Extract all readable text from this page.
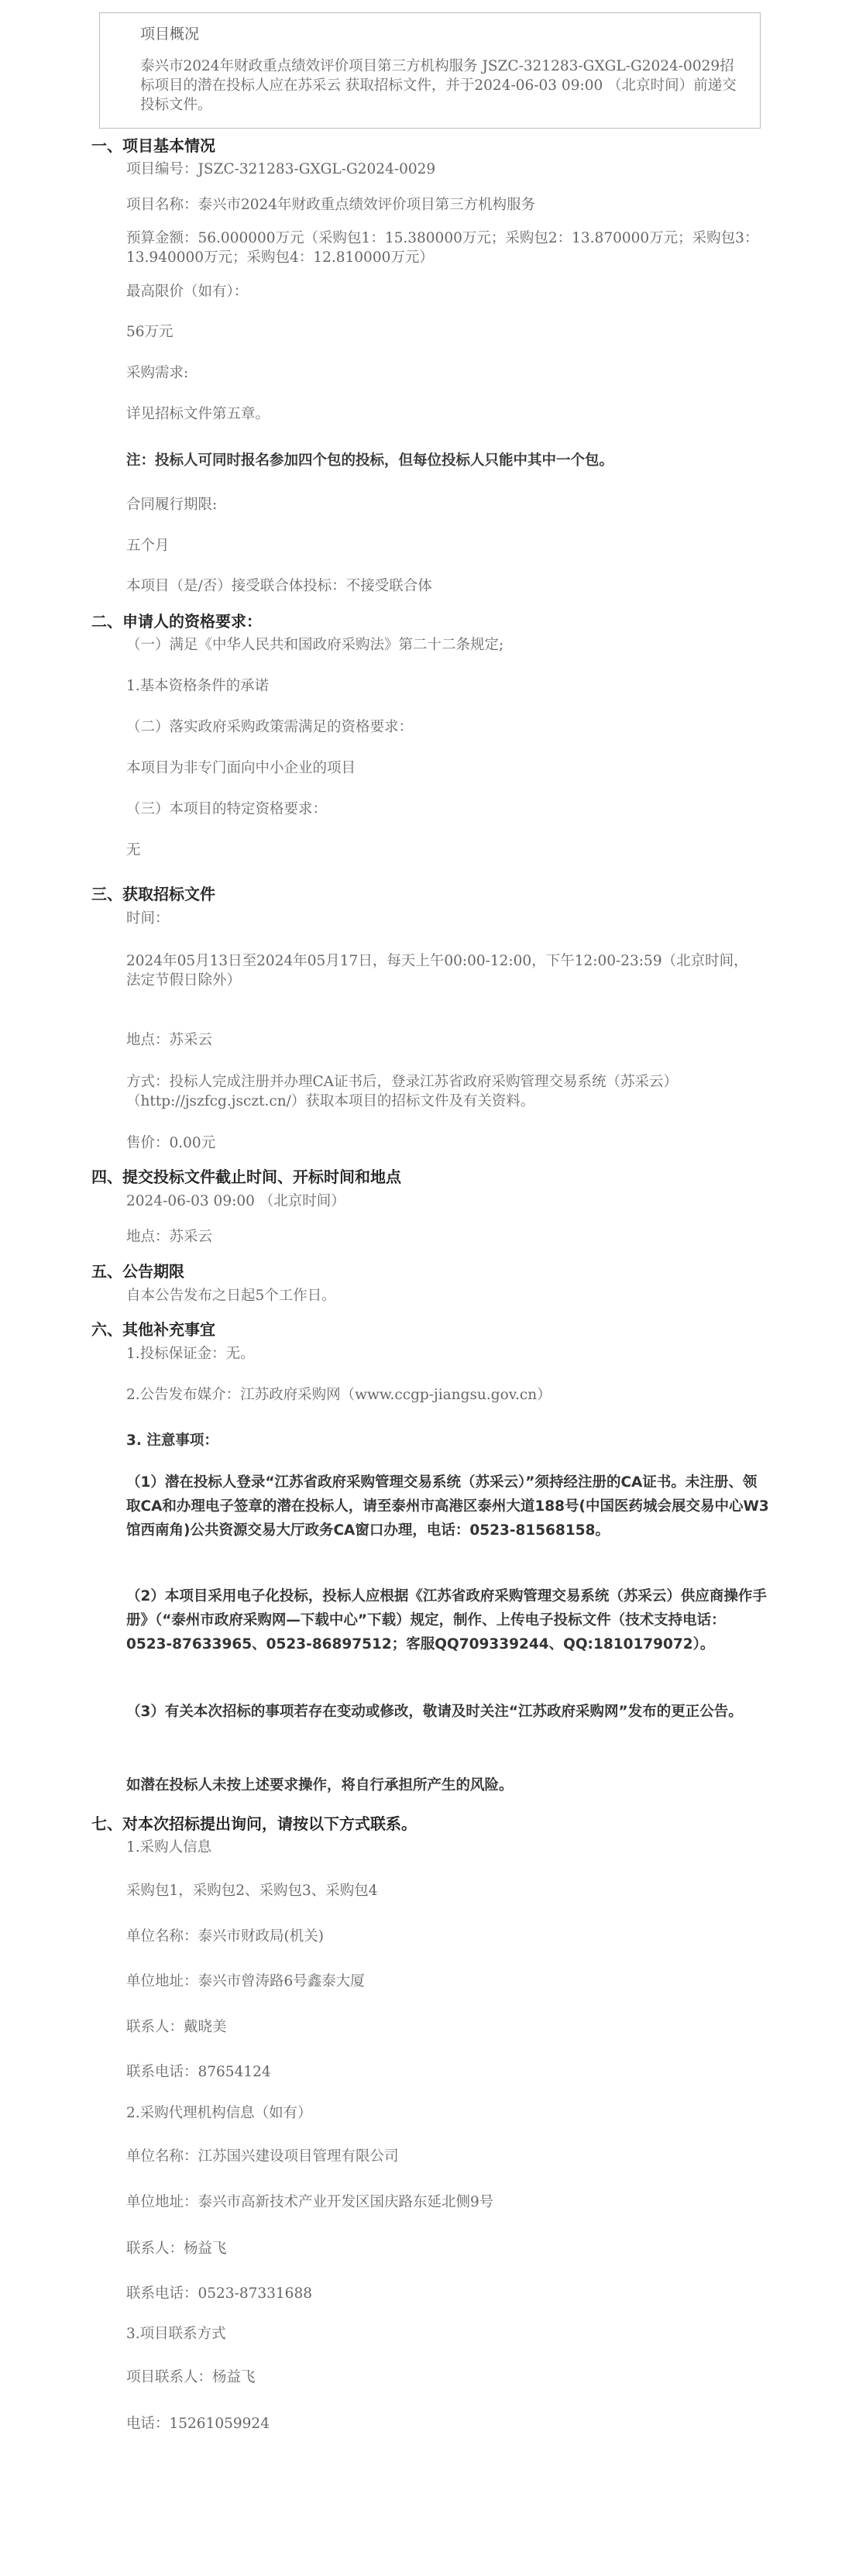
项目概况
泰兴市2024年财政重点绩效评价项目第三方机构服务 JSZC-321283-GXGL-G2024-0029招标项目的潜在投标人应在苏采云 获取招标文件，并于2024-06-03 09:00 （北京时间）前递交投标文件。
一、项目基本情况
项目编号：JSZC-321283-GXGL-G2024-0029
项目名称：泰兴市2024年财政重点绩效评价项目第三方机构服务
预算金额：56.000000万元（采购包1：15.380000万元；采购包2：13.870000万元；采购包3：13.940000万元；采购包4：12.810000万元）
最高限价（如有）：
56万元
采购需求:
详见招标文件第五章。
注：投标人可同时报名参加四个包的投标，但每位投标人只能中其中一个包。
合同履行期限:
五个月
本项目（是/否）接受联合体投标：不接受联合体
二、申请人的资格要求：
（一）满足《中华人民共和国政府采购法》第二十二条规定;
1.基本资格条件的承诺
（二）落实政府采购政策需满足的资格要求：
本项目为非专门面向中小企业的项目
（三）本项目的特定资格要求：
无
三、获取招标文件
时间：
2024年05月13日至2024年05月17日，每天上午00:00-12:00，下午12:00-23:59（北京时间，法定节假日除外）
地点：苏采云
方式：投标人完成注册并办理CA证书后，登录江苏省政府采购管理交易系统（苏采云）（http://jszfcg.jsczt.cn/）获取本项目的招标文件及有关资料。
售价：0.00元
四、提交投标文件截止时间、开标时间和地点
2024-06-03 09:00 （北京时间）
地点：苏采云
五、公告期限
自本公告发布之日起5个工作日。
六、其他补充事宜
1.投标保证金：无。
2.公告发布媒介：江苏政府采购网（www.ccgp-jiangsu.gov.cn）
3. 注意事项：
（1）潜在投标人登录“江苏省政府采购管理交易系统（苏采云）”须持经注册的CA证书。未注册、领取CA和办理电子签章的潜在投标人，请至泰州市高港区泰州大道188号(中国医药城会展交易中心W3馆西南角)公共资源交易大厅政务CA窗口办理，电话：0523-81568158。
（2）本项目采用电子化投标，投标人应根据《江苏省政府采购管理交易系统（苏采云）供应商操作手册》（“泰州市政府采购网—下载中心”下载）规定，制作、上传电子投标文件（技术支持电话：0523-87633965、0523-86897512；客服QQ709339244、QQ:1810179072）。
（3）有关本次招标的事项若存在变动或修改，敬请及时关注“江苏政府采购网”发布的更正公告。
如潜在投标人未按上述要求操作，将自行承担所产生的风险。
七、对本次招标提出询问，请按以下方式联系。
1.采购人信息
采购包1，采购包2、采购包3、采购包4
单位名称：泰兴市财政局(机关)
单位地址：泰兴市曾涛路6号鑫泰大厦
联系人：戴晓美
联系电话：87654124
2.采购代理机构信息（如有）
单位名称：江苏国兴建设项目管理有限公司
单位地址：泰兴市高新技术产业开发区国庆路东延北侧9号
联系人：杨益飞
联系电话：0523-87331688
3.项目联系方式
项目联系人：杨益飞
电话：15261059924
